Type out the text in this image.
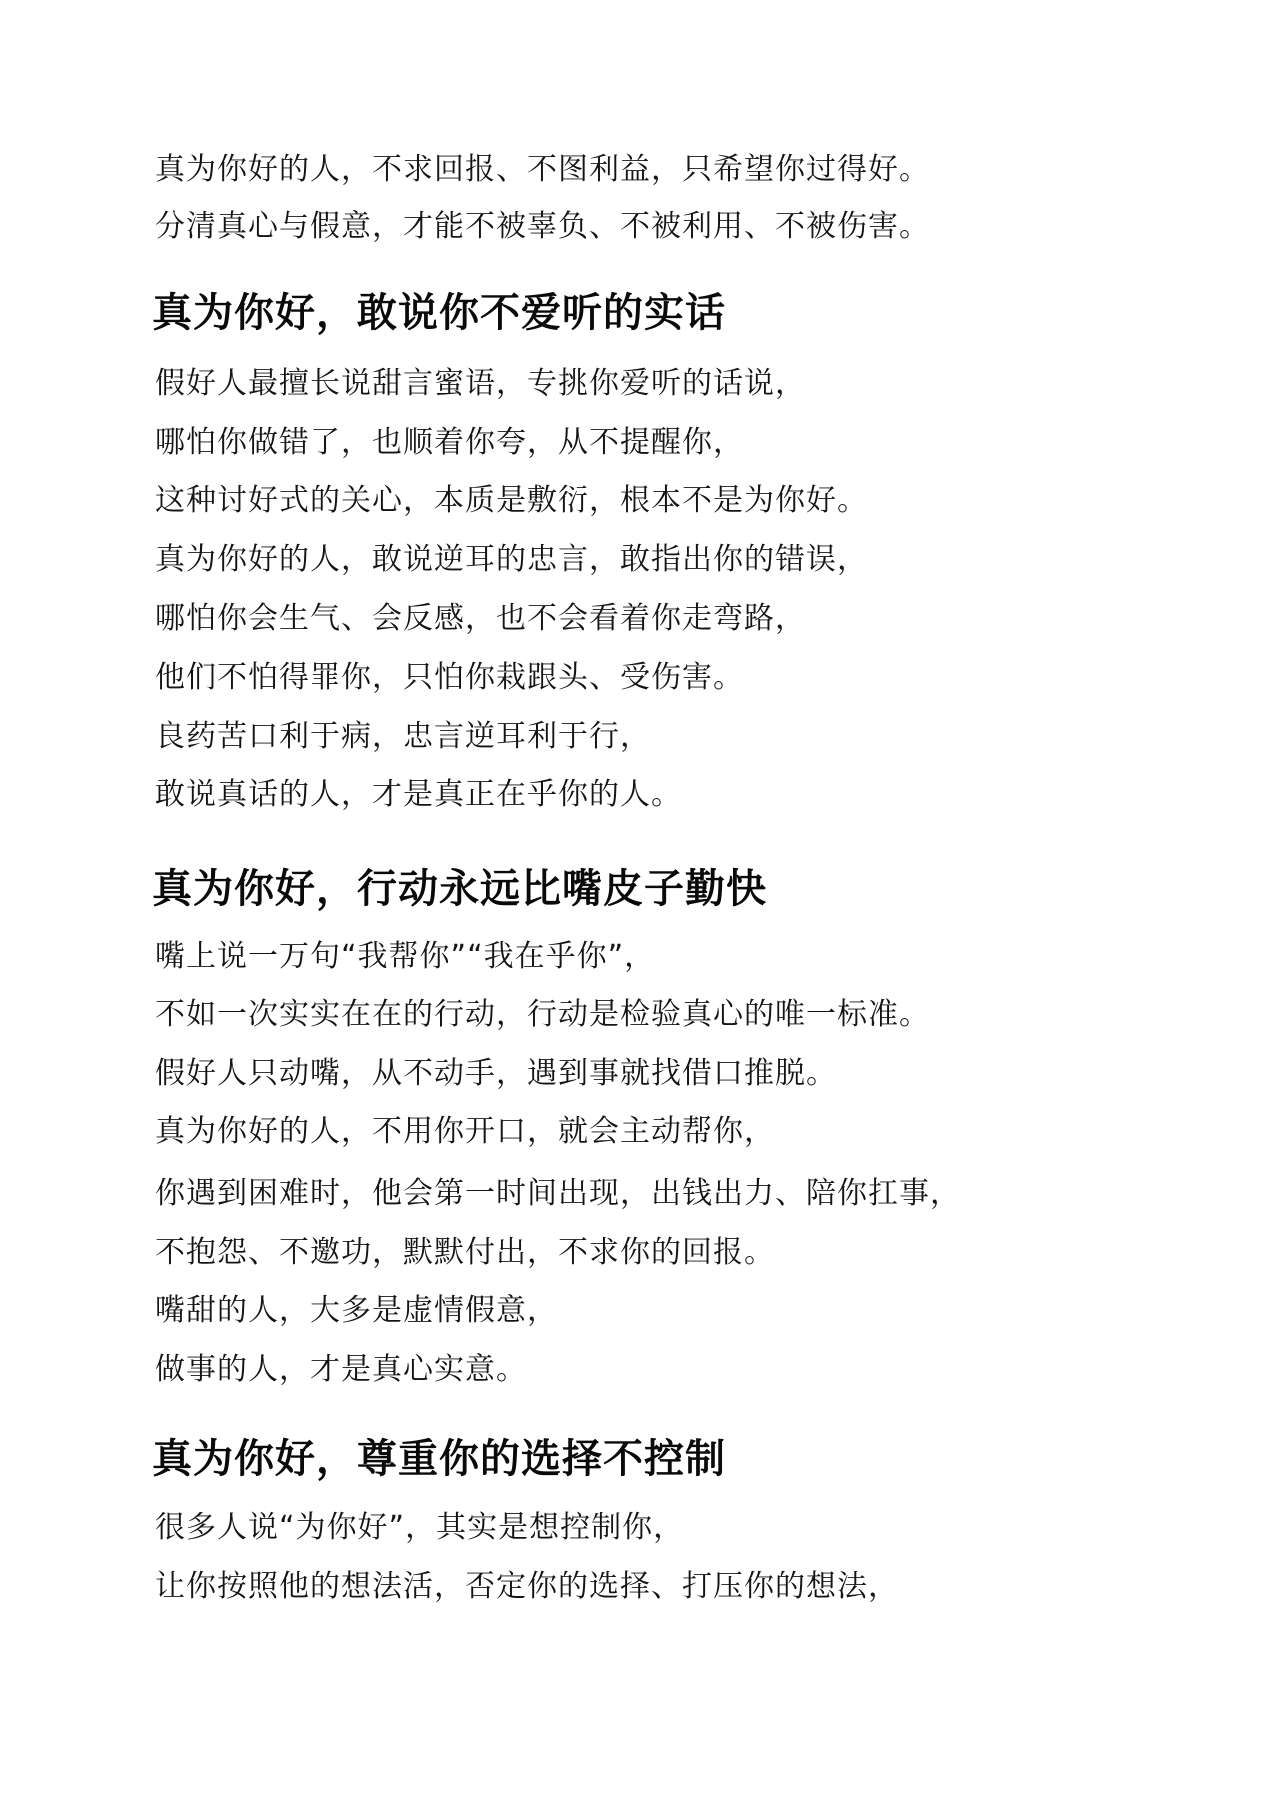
真为你好的人，不求回报、不图利益，只希望你过得好。
分清真心与假意，才能不被辜负、不被利用、不被伤害。
真为你好，敢说你不爱听的实话
假好人最擅长说甜言蜜语，专挑你爱听的话说，
哪怕你做错了，也顺着你夸，从不提醒你，
这种讨好式的关心，本质是敷衍，根本不是为你好。
真为你好的人，敢说逆耳的忠言，敢指出你的错误，
哪怕你会生气、会反感，也不会看着你走弯路，
他们不怕得罪你，只怕你栽跟头、受伤害。
良药苦口利于病，忠言逆耳利于行，
敢说真话的人，才是真正在乎你的人。
真为你好，行动永远比嘴皮子勤快
嘴上说一万句“我帮你”“我在乎你”，
不如一次实实在在的行动，行动是检验真心的唯一标准。
假好人只动嘴，从不动手，遇到事就找借口推脱。
真为你好的人，不用你开口，就会主动帮你，
你遇到困难时，他会第一时间出现，出钱出力、陪你扛事，
不抱怨、不邀功，默默付出，不求你的回报。
嘴甜的人，大多是虚情假意，
做事的人，才是真心实意。
真为你好，尊重你的选择不控制
很多人说“为你好”，其实是想控制你，
让你按照他的想法活，否定你的选择、打压你的想法，
